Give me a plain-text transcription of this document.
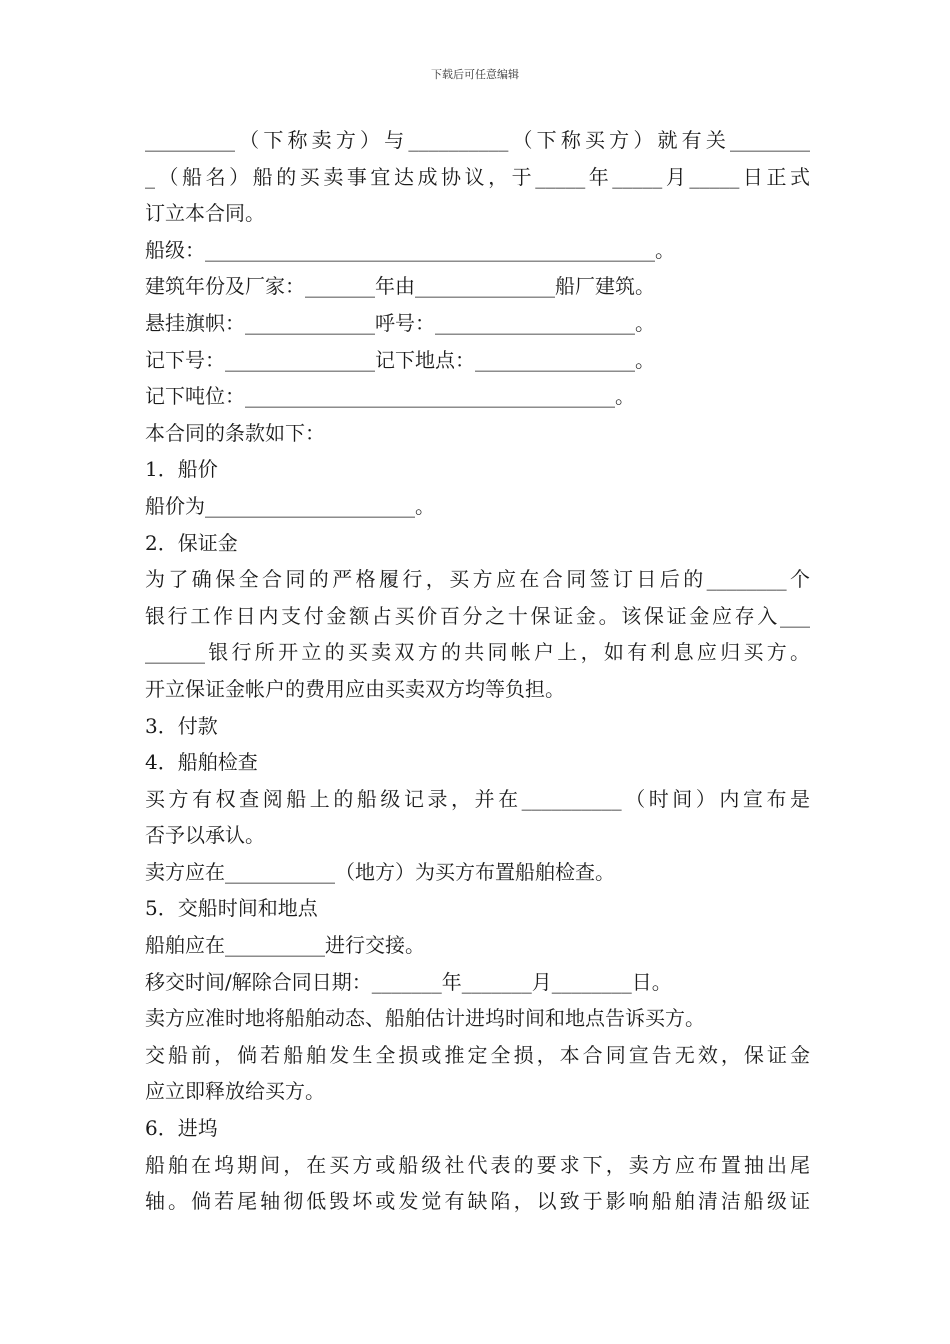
下载后可任意编辑
_________（下称卖方）与__________（下称买方）就有关________
_（船名）船的买卖事宜达成协议，于_____年_____月_____日正式
订立本合同。
船级：_____________________________________________。
建筑年份及厂家：_______年由______________船厂建筑。
悬挂旗帜：_____________呼号：____________________。
记下号：_______________记下地点：________________。
记下吨位：_____________________________________。
本合同的条款如下：
1．船价
船价为_____________________。
2．保证金
为了确保全合同的严格履行，买方应在合同签订日后的________个
银行工作日内支付金额占买价百分之十保证金。该保证金应存入___
______银行所开立的买卖双方的共同帐户上，如有利息应归买方。
开立保证金帐户的费用应由买卖双方均等负担。
3．付款
4．船舶检查
买方有权查阅船上的船级记录，并在__________（时间）内宣布是
否予以承认。
卖方应在___________（地方）为买方布置船舶检查。
5．交船时间和地点
船舶应在__________进行交接。
移交时间/解除合同日期：_______年_______月________日。
卖方应准时地将船舶动态、船舶估计进坞时间和地点告诉买方。
交船前，倘若船舶发生全损或推定全损，本合同宣告无效，保证金
应立即释放给买方。
6．进坞
船舶在坞期间，在买方或船级社代表的要求下，卖方应布置抽出尾
轴。倘若尾轴彻低毁坏或发觉有缺陷，以致于影响船舶清洁船级证
